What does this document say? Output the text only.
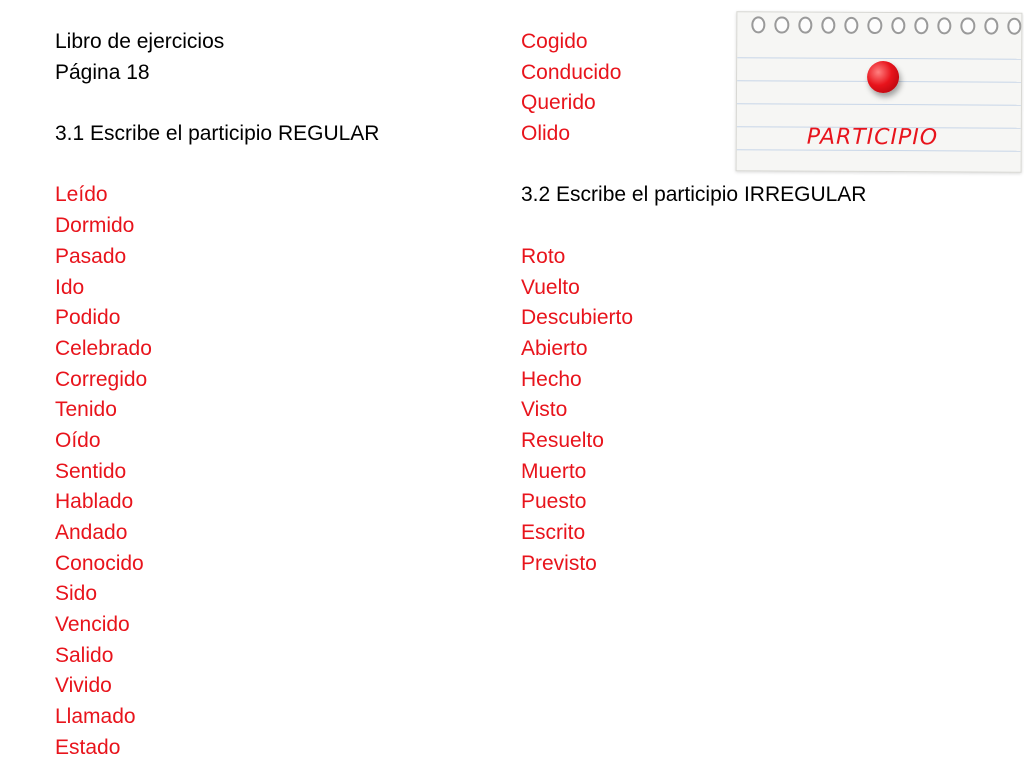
Libro de ejercicios
Página 18
3.1 Escribe el participio REGULAR
Leído
Dormido
Pasado
Ido
Podido
Celebrado
Corregido
Tenido
Oído
Sentido
Hablado
Andado
Conocido
Sido
Vencido
Salido
Vivido
Llamado
Estado
Cogido
Conducido
Querido
Olido
3.2 Escribe el participio IRREGULAR
Roto
Vuelto
Descubierto
Abierto
Hecho
Visto
Resuelto
Muerto
Puesto
Escrito
Previsto
PARTICIPIO
